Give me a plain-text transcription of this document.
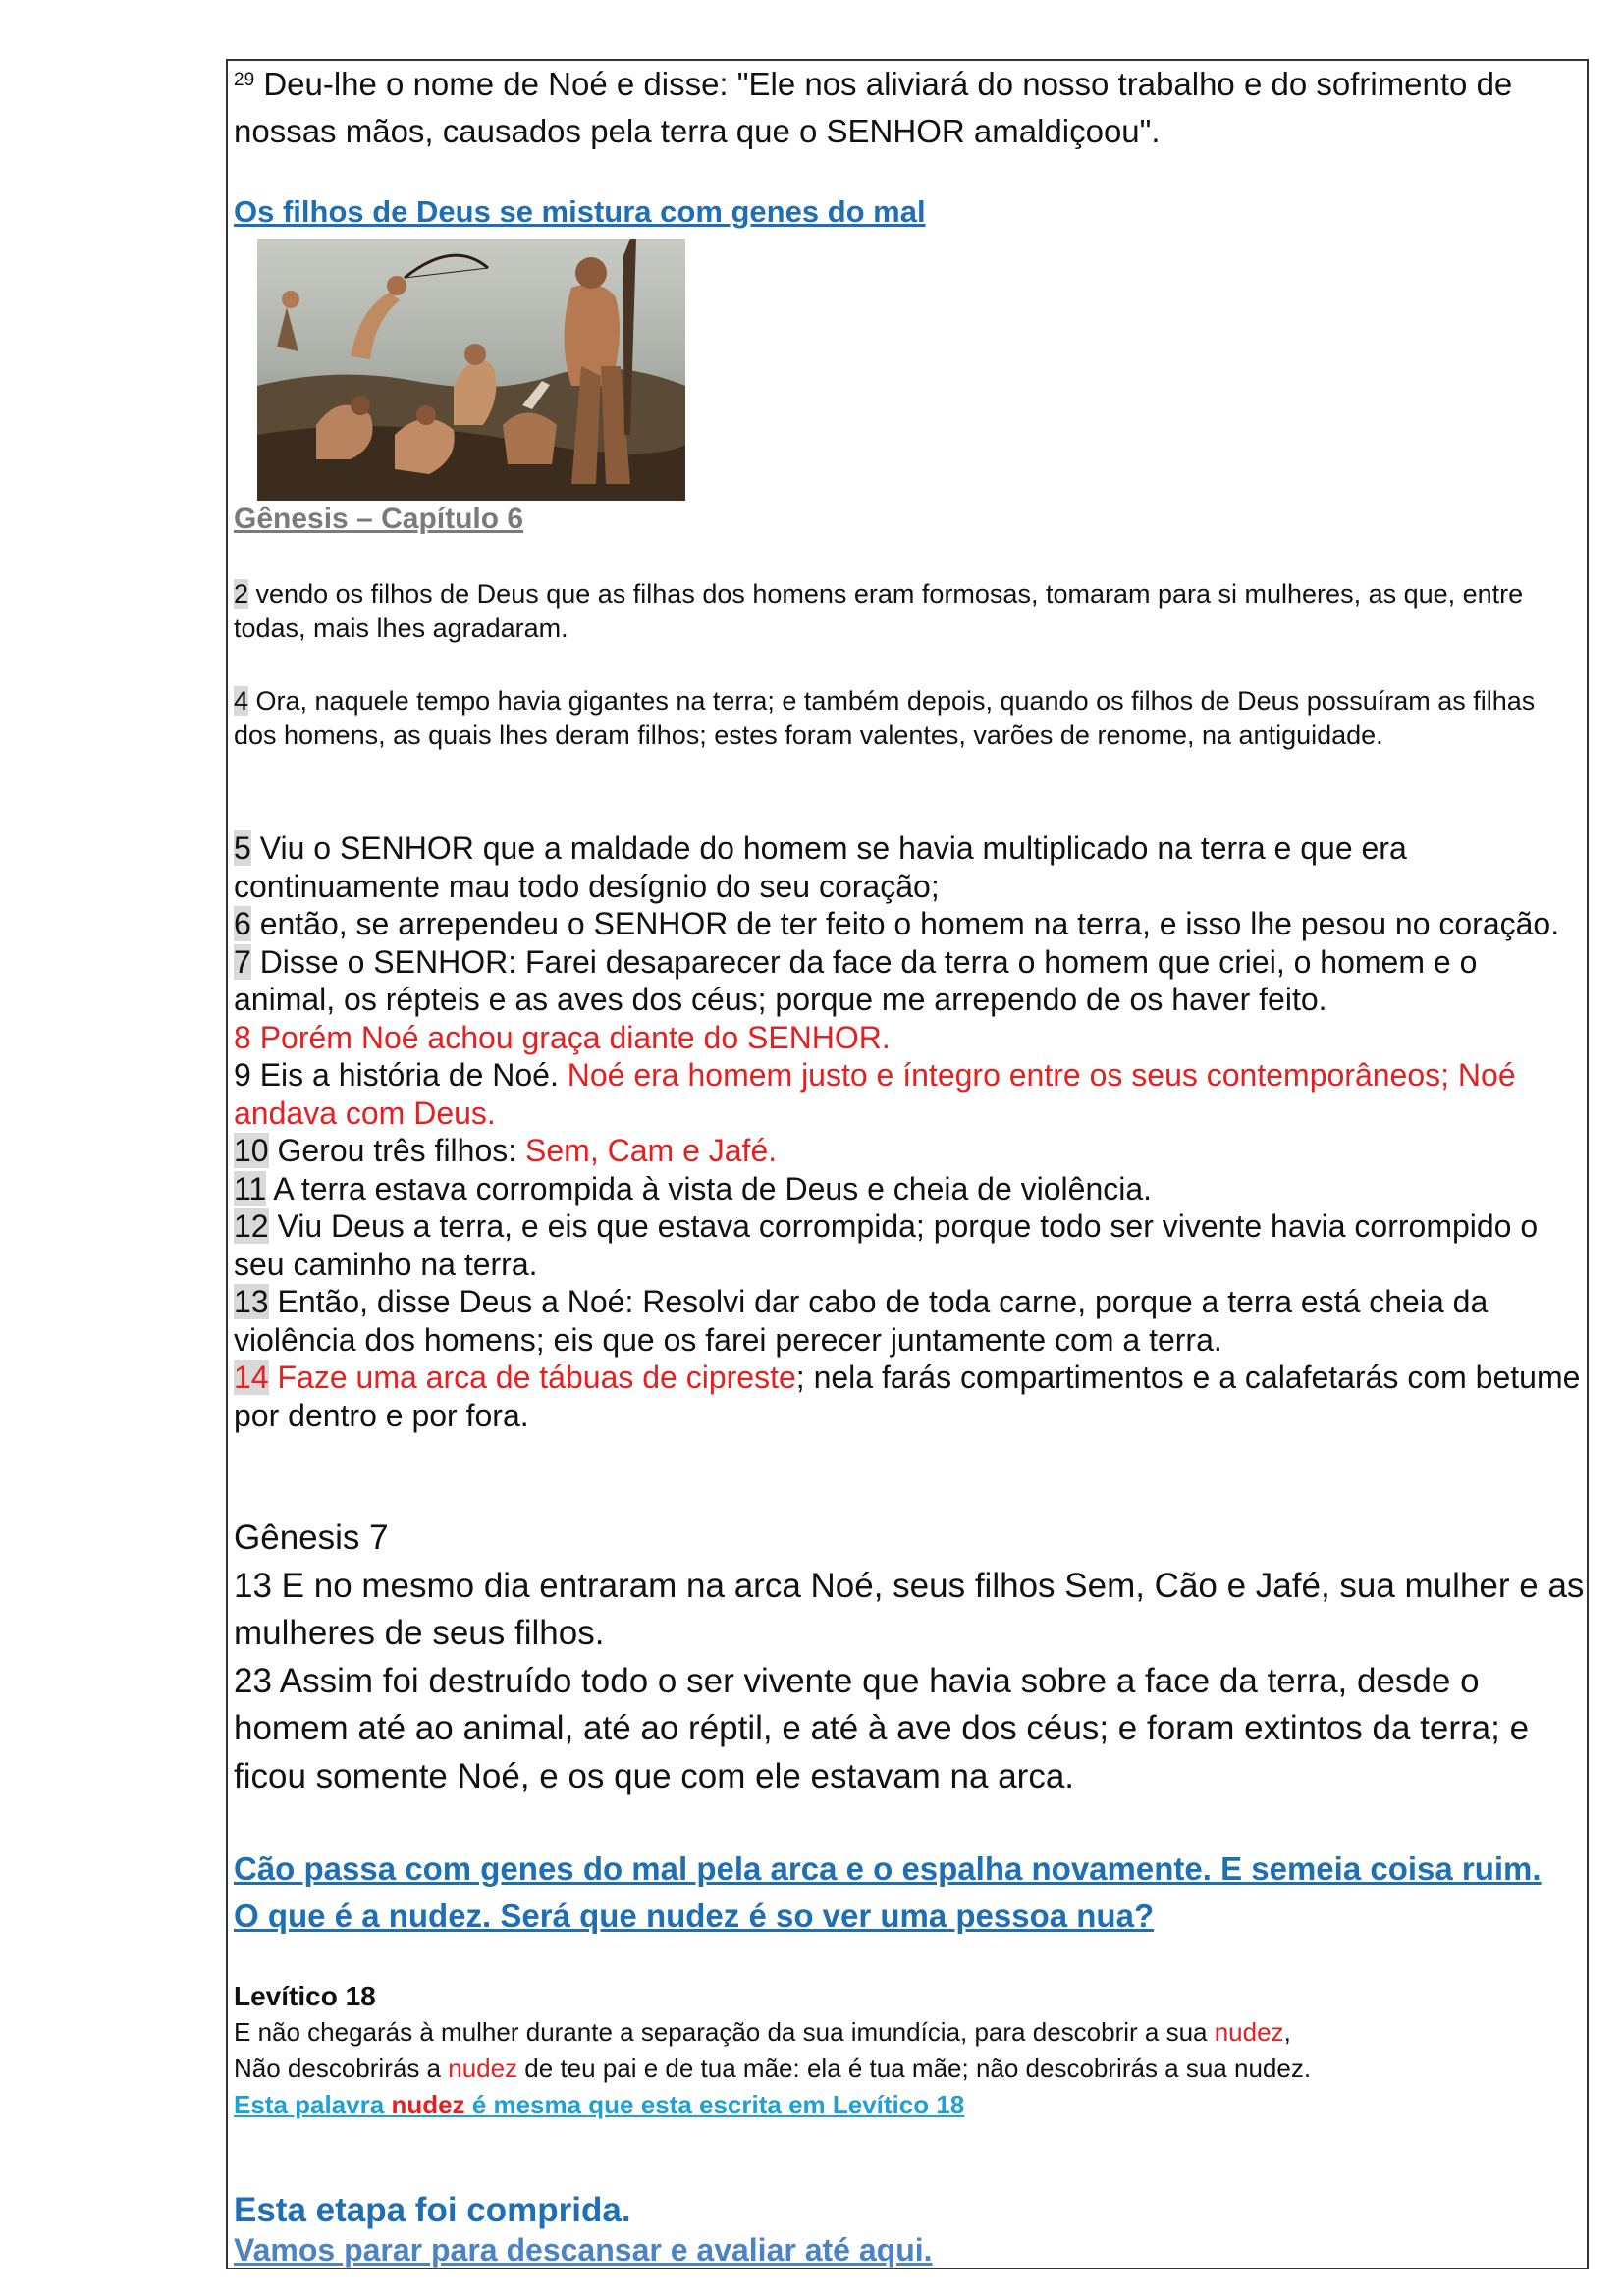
$^{29}$ Deu-lhe o nome de Noé e disse: "Ele nos aliviará do nosso trabalho e do sofrimento de nossas mãos, causados pela terra que o SENHOR amaldiçoou".
Os filhos de Deus se mistura com genes do mal
Gênesis – Capítulo 6
2 vendo os filhos de Deus que as filhas dos homens eram formosas, tomaram para si mulheres, as que, entre todas, mais lhes agradaram.
4 Ora, naquele tempo havia gigantes na terra; e também depois, quando os filhos de Deus possuíram as filhas dos homens, as quais lhes deram filhos; estes foram valentes, varões de renome, na antiguidade.
5 Viu o SENHOR que a maldade do homem se havia multiplicado na terra e que era continuamente mau todo desígnio do seu coração;
6 então, se arrependeu o SENHOR de ter feito o homem na terra, e isso lhe pesou no coração.
7 Disse o SENHOR: Farei desaparecer da face da terra o homem que criei, o homem e o animal, os répteis e as aves dos céus; porque me arrependo de os haver feito.
8 Porém Noé achou graça diante do SENHOR.
9 Eis a história de Noé. Noé era homem justo e íntegro entre os seus contemporâneos; Noé andava com Deus.
10 Gerou três filhos: Sem, Cam e Jafé.
11 A terra estava corrompida à vista de Deus e cheia de violência.
12 Viu Deus a terra, e eis que estava corrompida; porque todo ser vivente havia corrompido o seu caminho na terra.
13 Então, disse Deus a Noé: Resolvi dar cabo de toda carne, porque a terra está cheia da violência dos homens; eis que os farei perecer juntamente com a terra.
14 Faze uma arca de tábuas de cipreste; nela farás compartimentos e a calafetarás com betume por dentro e por fora.
Gênesis 7
13 E no mesmo dia entraram na arca Noé, seus filhos Sem, Cão e Jafé, sua mulher e as mulheres de seus filhos.
23 Assim foi destruído todo o ser vivente que havia sobre a face da terra, desde o homem até ao animal, até ao réptil, e até à ave dos céus; e foram extintos da terra; e ficou somente Noé, e os que com ele estavam na arca.
Cão passa com genes do mal pela arca e o espalha novamente. E semeia coisa ruim.
O que é a nudez. Será que nudez é so ver uma pessoa nua?
Levítico 18
E não chegarás à mulher durante a separação da sua imundícia, para descobrir a sua nudez,
Não descobrirás a nudez de teu pai e de tua mãe: ela é tua mãe; não descobrirás a sua nudez.
Esta palavra nudez é mesma que esta escrita em Levítico 18
Esta etapa foi comprida.
Vamos parar para descansar e avaliar até aqui.
